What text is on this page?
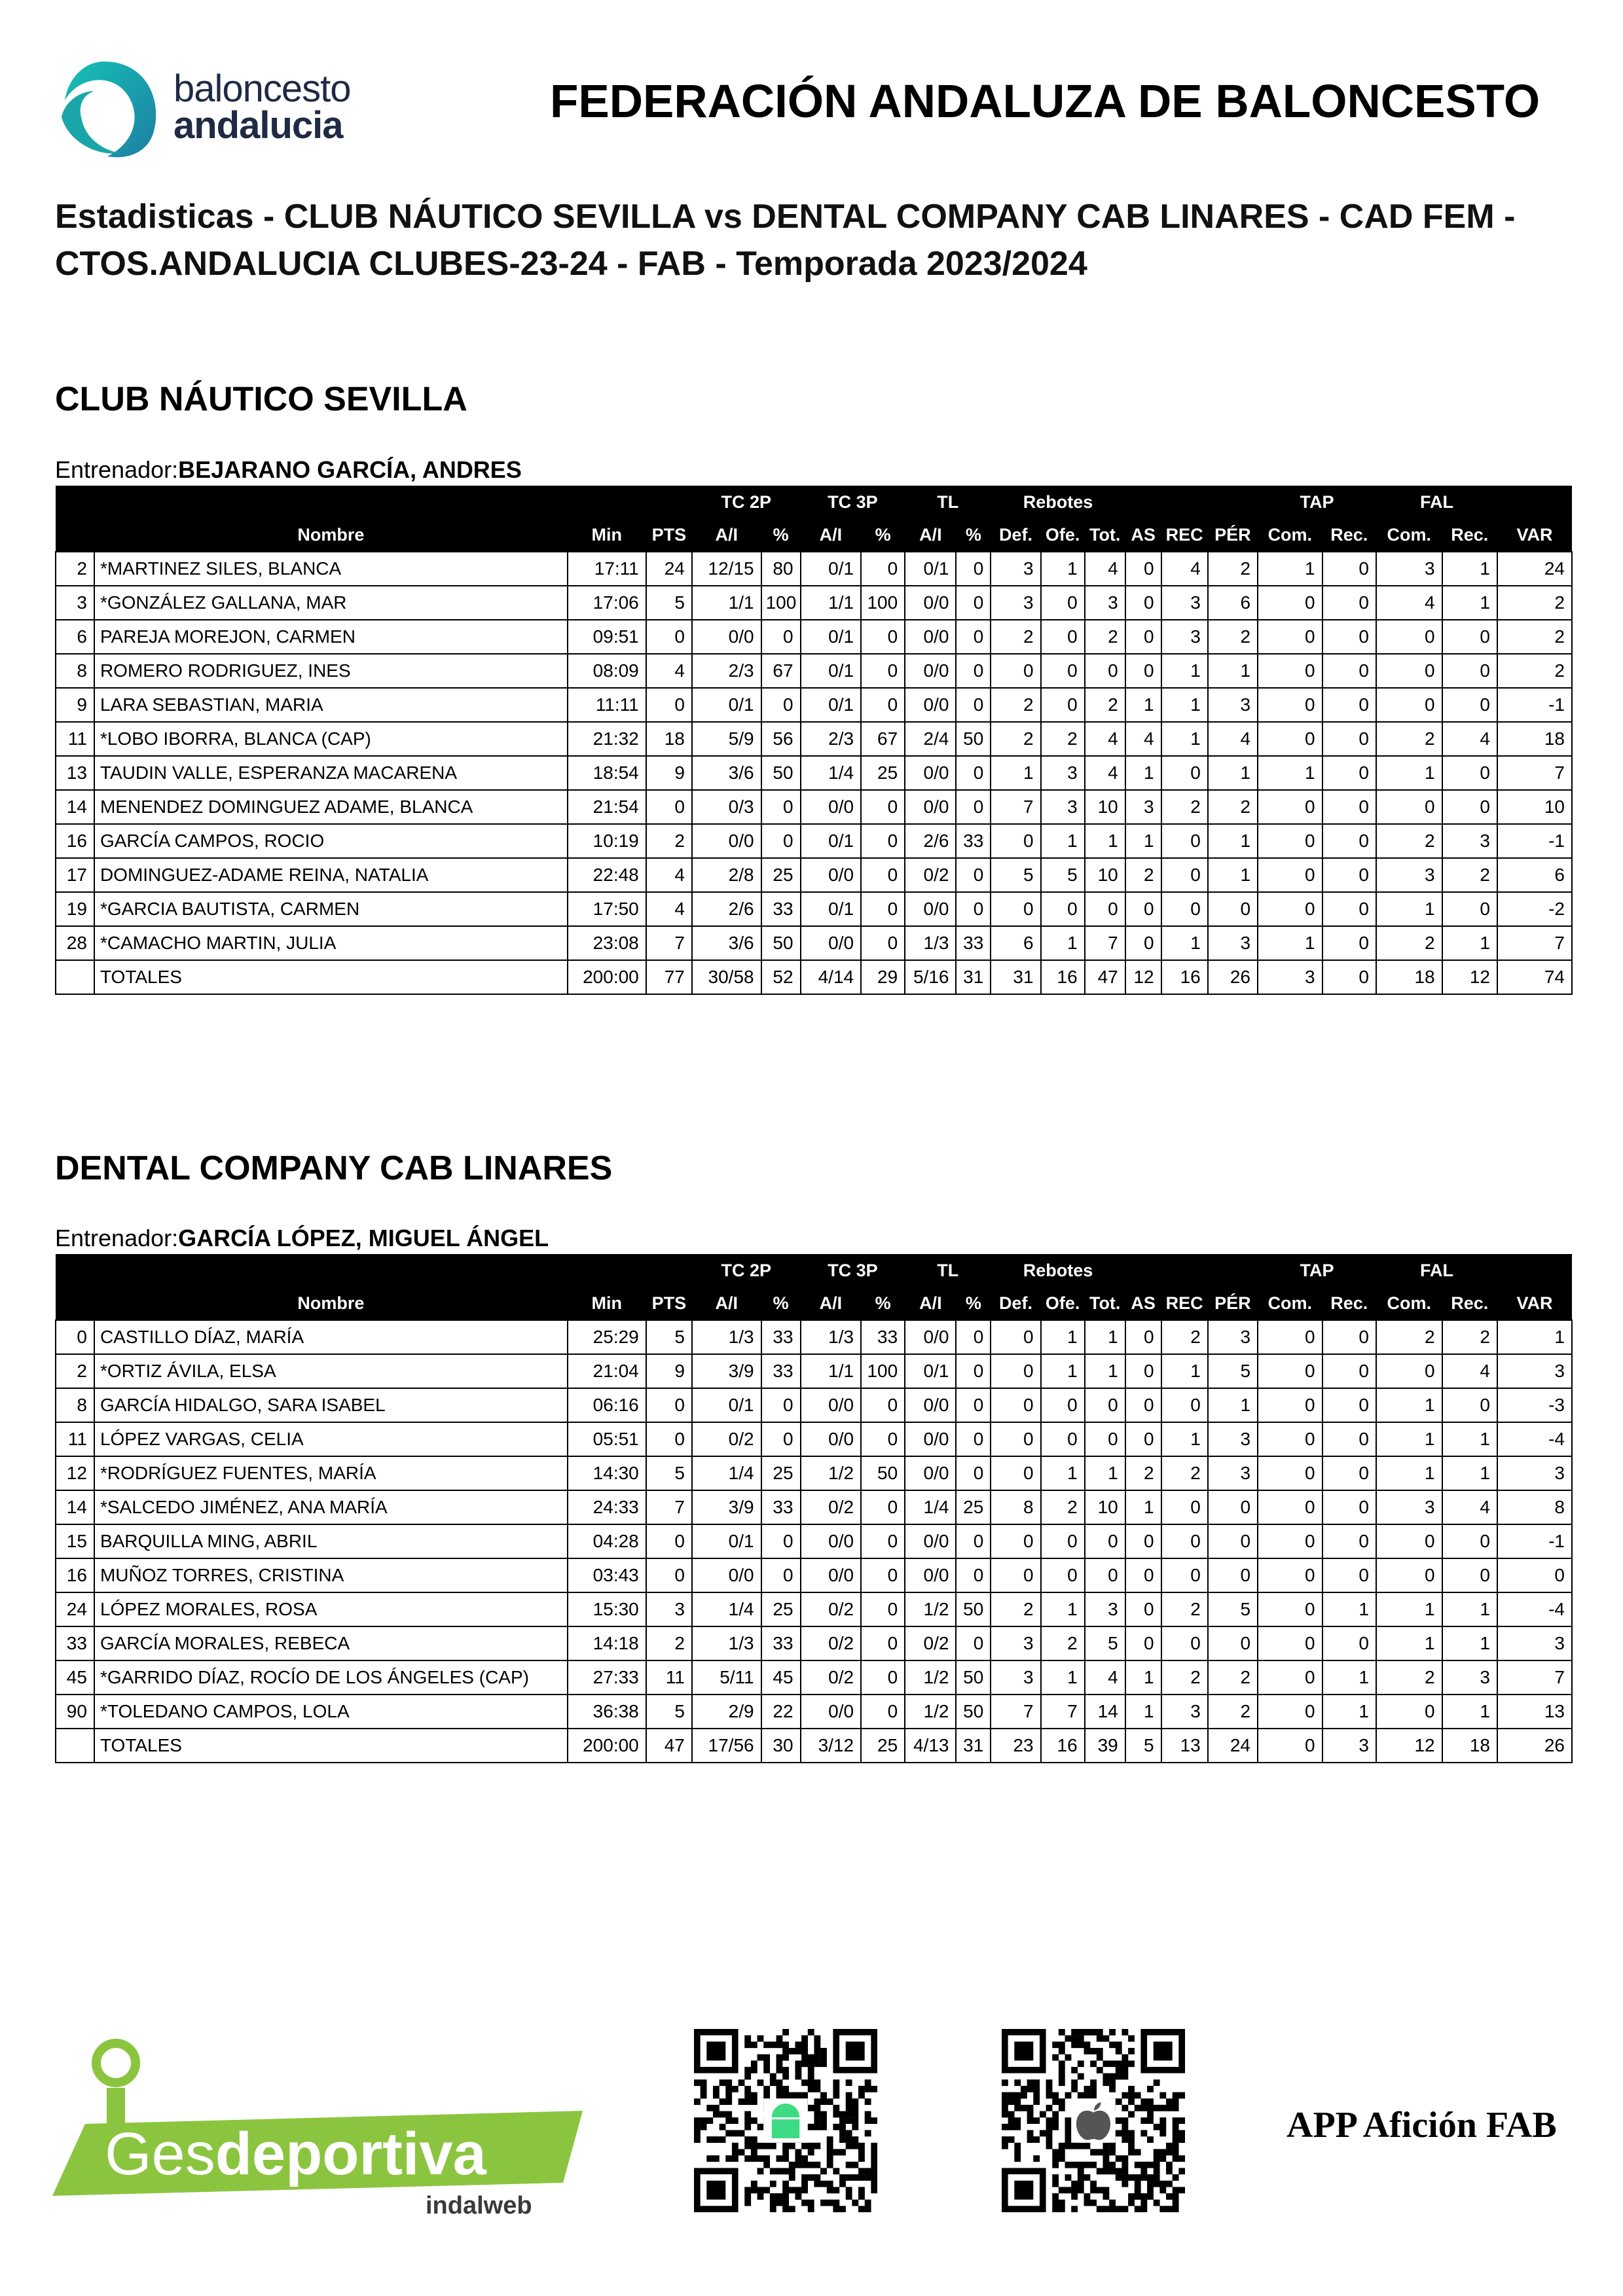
baloncesto
andalucia	FEDERACIÓN ANDALUZA DE BALONCESTO
Estadisticas - CLUB NÁUTICO SEVILLA vs DENTAL COMPANY CAB LINARES - CAD FEM - CTOS.ANDALUCIA CLUBES-23-24 - FAB - Temporada 2023/2024
CLUB NÁUTICO SEVILLA
Entrenador:BEJARANO GARCÍA, ANDRES
				TC 2P		TC 3P		TL		Rebotes						TAP		FAL		
	Nombre	Min	PTS	A/I	%	A/I	%	A/I	%	Def.	Ofe.	Tot.	AS	REC	PÉR	Com.	Rec.	Com.	Rec.	VAR
2	*MARTINEZ SILES, BLANCA	17:11	24	12/15	80	0/1	0	0/1	0	3	1	4	0	4	2	1	0	3	1	24
3	*GONZÁLEZ GALLANA, MAR	17:06	5	1/1	100	1/1	100	0/0	0	3	0	3	0	3	6	0	0	4	1	2
6	PAREJA MOREJON, CARMEN	09:51	0	0/0	0	0/1	0	0/0	0	2	0	2	0	3	2	0	0	0	0	2
8	ROMERO RODRIGUEZ, INES	08:09	4	2/3	67	0/1	0	0/0	0	0	0	0	0	1	1	0	0	0	0	2
9	LARA SEBASTIAN, MARIA	11:11	0	0/1	0	0/1	0	0/0	0	2	0	2	1	1	3	0	0	0	0	-1
11	*LOBO IBORRA, BLANCA (CAP)	21:32	18	5/9	56	2/3	67	2/4	50	2	2	4	4	1	4	0	0	2	4	18
13	TAUDIN VALLE, ESPERANZA MACARENA	18:54	9	3/6	50	1/4	25	0/0	0	1	3	4	1	0	1	1	0	1	0	7
14	MENENDEZ DOMINGUEZ ADAME, BLANCA	21:54	0	0/3	0	0/0	0	0/0	0	7	3	10	3	2	2	0	0	0	0	10
16	GARCÍA CAMPOS, ROCIO	10:19	2	0/0	0	0/1	0	2/6	33	0	1	1	1	0	1	0	0	2	3	-1
17	DOMINGUEZ-ADAME REINA, NATALIA	22:48	4	2/8	25	0/0	0	0/2	0	5	5	10	2	0	1	0	0	3	2	6
19	*GARCIA BAUTISTA, CARMEN	17:50	4	2/6	33	0/1	0	0/0	0	0	0	0	0	0	0	0	0	1	0	-2
28	*CAMACHO MARTIN, JULIA	23:08	7	3/6	50	0/0	0	1/3	33	6	1	7	0	1	3	1	0	2	1	7
	TOTALES	200:00	77	30/58	52	4/14	29	5/16	31	31	16	47	12	16	26	3	0	18	12	74
DENTAL COMPANY CAB LINARES
Entrenador:GARCÍA LÓPEZ, MIGUEL ÁNGEL
				TC 2P		TC 3P		TL		Rebotes						TAP		FAL		
	Nombre	Min	PTS	A/I	%	A/I	%	A/I	%	Def.	Ofe.	Tot.	AS	REC	PÉR	Com.	Rec.	Com.	Rec.	VAR
0	CASTILLO DÍAZ, MARÍA	25:29	5	1/3	33	1/3	33	0/0	0	0	1	1	0	2	3	0	0	2	2	1
2	*ORTIZ ÁVILA, ELSA	21:04	9	3/9	33	1/1	100	0/1	0	0	1	1	0	1	5	0	0	0	4	3
8	GARCÍA HIDALGO, SARA ISABEL	06:16	0	0/1	0	0/0	0	0/0	0	0	0	0	0	0	1	0	0	1	0	-3
11	LÓPEZ VARGAS, CELIA	05:51	0	0/2	0	0/0	0	0/0	0	0	0	0	0	1	3	0	0	1	1	-4
12	*RODRÍGUEZ FUENTES, MARÍA	14:30	5	1/4	25	1/2	50	0/0	0	0	1	1	2	2	3	0	0	1	1	3
14	*SALCEDO JIMÉNEZ, ANA MARÍA	24:33	7	3/9	33	0/2	0	1/4	25	8	2	10	1	0	0	0	0	3	4	8
15	BARQUILLA MING, ABRIL	04:28	0	0/1	0	0/0	0	0/0	0	0	0	0	0	0	0	0	0	0	0	-1
16	MUÑOZ TORRES, CRISTINA	03:43	0	0/0	0	0/0	0	0/0	0	0	0	0	0	0	0	0	0	0	0	0
24	LÓPEZ MORALES, ROSA	15:30	3	1/4	25	0/2	0	1/2	50	2	1	3	0	2	5	0	1	1	1	-4
33	GARCÍA MORALES, REBECA	14:18	2	1/3	33	0/2	0	0/2	0	3	2	5	0	0	0	0	0	1	1	3
45	*GARRIDO DÍAZ, ROCÍO DE LOS ÁNGELES (CAP)	27:33	11	5/11	45	0/2	0	1/2	50	3	1	4	1	2	2	0	1	2	3	7
90	*TOLEDANO CAMPOS, LOLA	36:38	5	2/9	22	0/0	0	1/2	50	7	7	14	1	3	2	0	1	0	1	13
	TOTALES	200:00	47	17/56	30	3/12	25	4/13	31	23	16	39	5	13	24	0	3	12	18	26
Gesdeportiva
indalweb
APP Afición FAB
